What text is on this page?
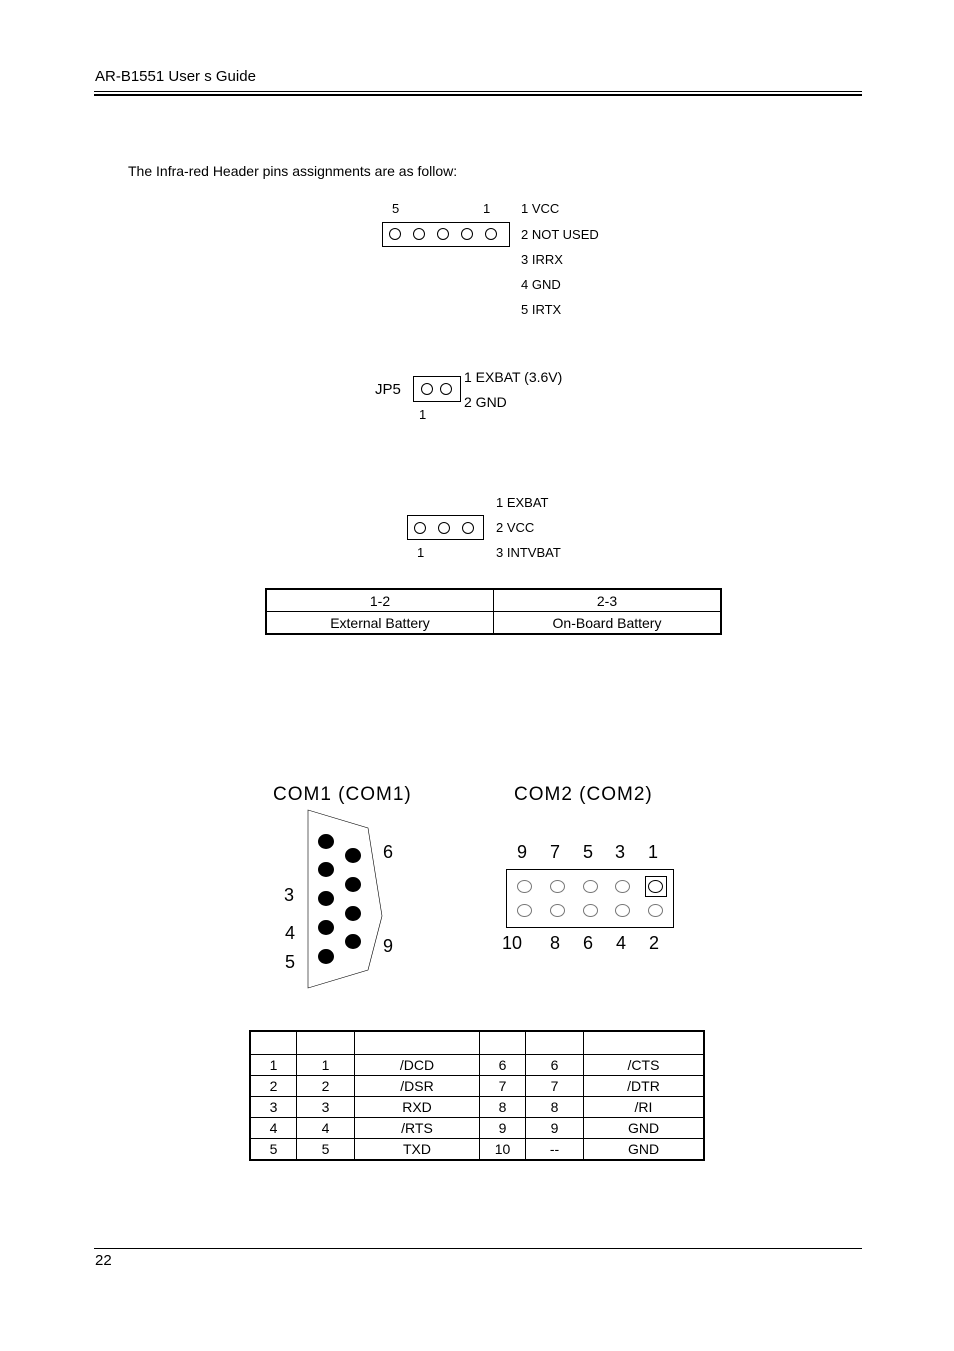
AR-B1551 User s Guide
The Infra-red Header pins assignments are as follow:
5	1 1 VCC
2 NOT USED
3 IRRX
4 GND
5 IRTX
JP5
1
1 EXBAT (3.6V)
2 GND
1
1 EXBAT
2 VCC
3 INTVBAT
1-2	2-3
External Battery	On-Board Battery
COM1 (COM1)
6
3
4
5
9
COM2 (COM2)
9 7 5 3 1
10 8 6 4 2

1	1	/DCD	6	6	/CTS
2	2	/DSR	7	7	/DTR
3	3	RXD	8	8	/RI
4	4	/RTS	9	9	GND
5	5	TXD	10	--	GND
22
